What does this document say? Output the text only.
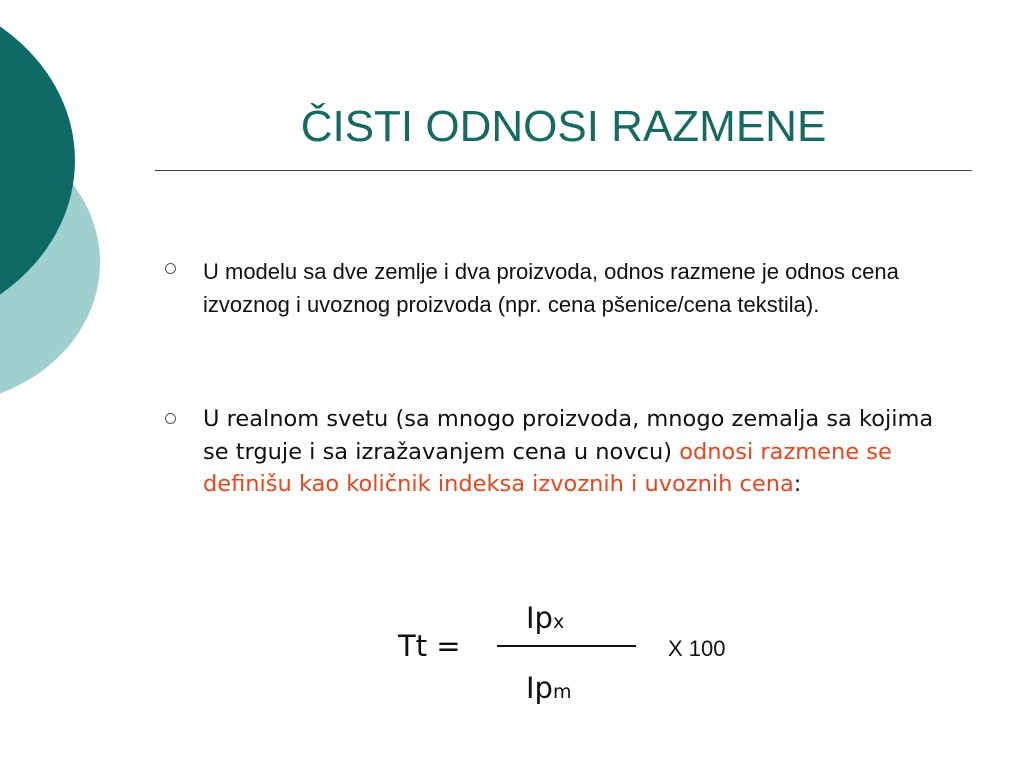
ČISTI ODNOSI RAZMENE
U modelu sa dve zemlje i dva proizvoda, odnos razmene je odnos cena izvoznog i uvoznog proizvoda (npr. cena pšenice/cena tekstila).
U realnom svetu (sa mnogo proizvoda, mnogo zemalja sa kojima se trguje i sa izražavanjem cena u novcu) odnosi razmene se definišu kao količnik indeksa izvoznih i uvoznih cena:
Tt =
Ipx
Ipm
X 100
